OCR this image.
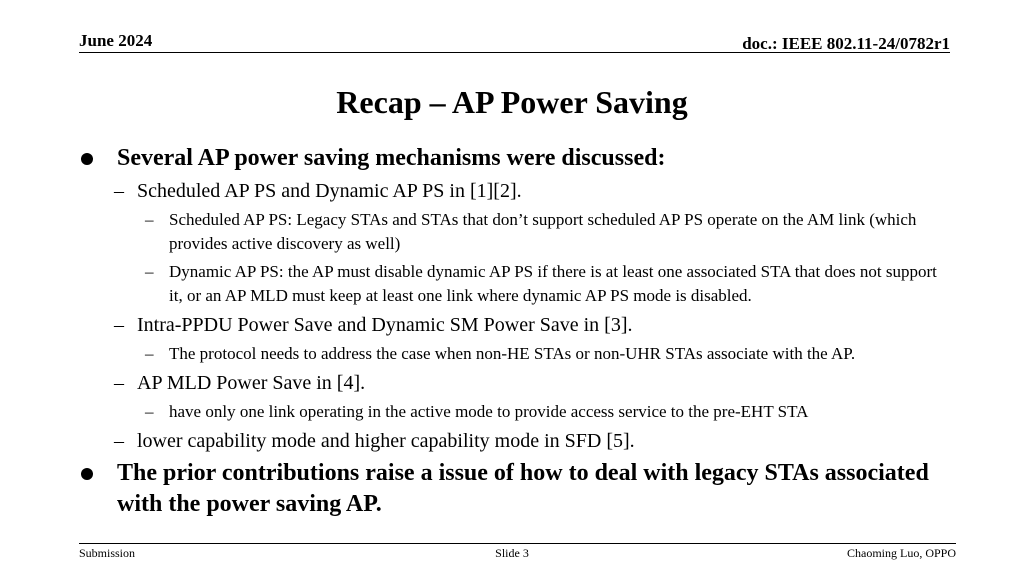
June 2024	doc.: IEEE 802.11-24/0782r1
Recap – AP Power Saving
Several AP power saving mechanisms were discussed:
– Scheduled AP PS and Dynamic AP PS in [1][2].
– Scheduled AP PS: Legacy STAs and STAs that don’t support scheduled AP PS operate on the AM link (which provides active discovery as well)
– Dynamic AP PS: the AP must disable dynamic AP PS if there is at least one associated STA that does not support it, or an AP MLD must keep at least one link where dynamic AP PS mode is disabled.
– Intra-PPDU Power Save and Dynamic SM Power Save in [3].
– The protocol needs to address the case when non-HE STAs or non-UHR STAs associate with the AP.
– AP MLD Power Save in [4].
– have only one link operating in the active mode to provide access service to the pre-EHT STA
– lower capability mode and higher capability mode in SFD [5].
The prior contributions raise a issue of how to deal with legacy STAs associated with the power saving AP.
Submission	Slide 3	Chaoming Luo, OPPO
